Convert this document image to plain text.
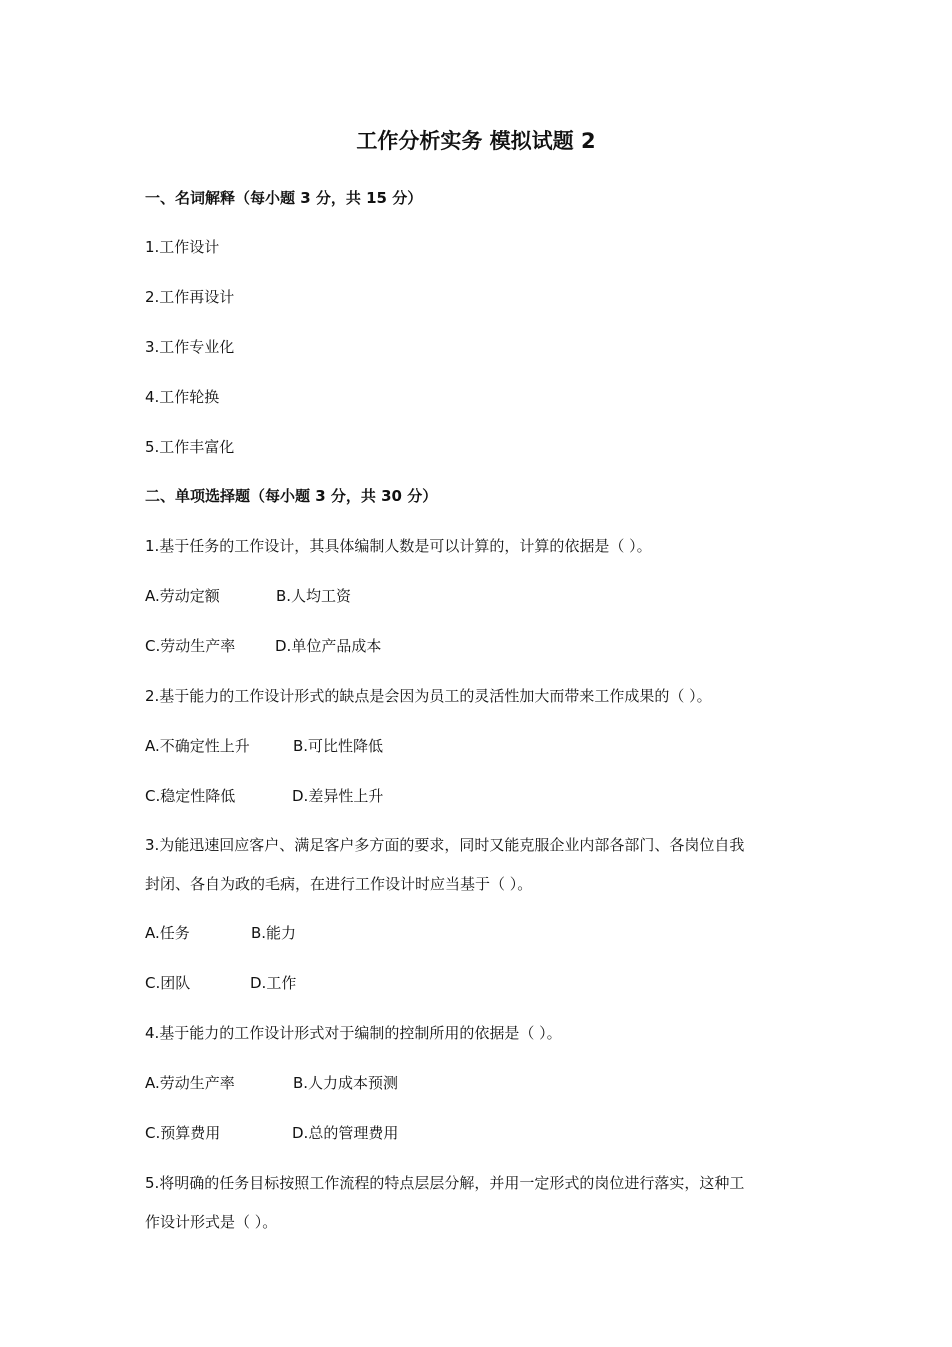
工作分析实务 模拟试题 2
一、名词解释（每小题 3 分，共 15 分）
1.工作设计
2.工作再设计
3.工作专业化
4.工作轮换
5.工作丰富化
二、单项选择题（每小题 3 分，共 30 分）
1.基于任务的工作设计，其具体编制人数是可以计算的，计算的依据是（ ）。
A.劳动定额	B.人均工资
C.劳动生产率	D.单位产品成本
2.基于能力的工作设计形式的缺点是会因为员工的灵活性加大而带来工作成果的（ ）。
A.不确定性上升	B.可比性降低
C.稳定性降低	D.差异性上升
3.为能迅速回应客户、满足客户多方面的要求，同时又能克服企业内部各部门、各岗位自我
封闭、各自为政的毛病，在进行工作设计时应当基于（ ）。
A.任务	B.能力
C.团队	D.工作
4.基于能力的工作设计形式对于编制的控制所用的依据是（ ）。
A.劳动生产率	B.人力成本预测
C.预算费用	D.总的管理费用
5.将明确的任务目标按照工作流程的特点层层分解，并用一定形式的岗位进行落实，这种工
作设计形式是（ ）。
